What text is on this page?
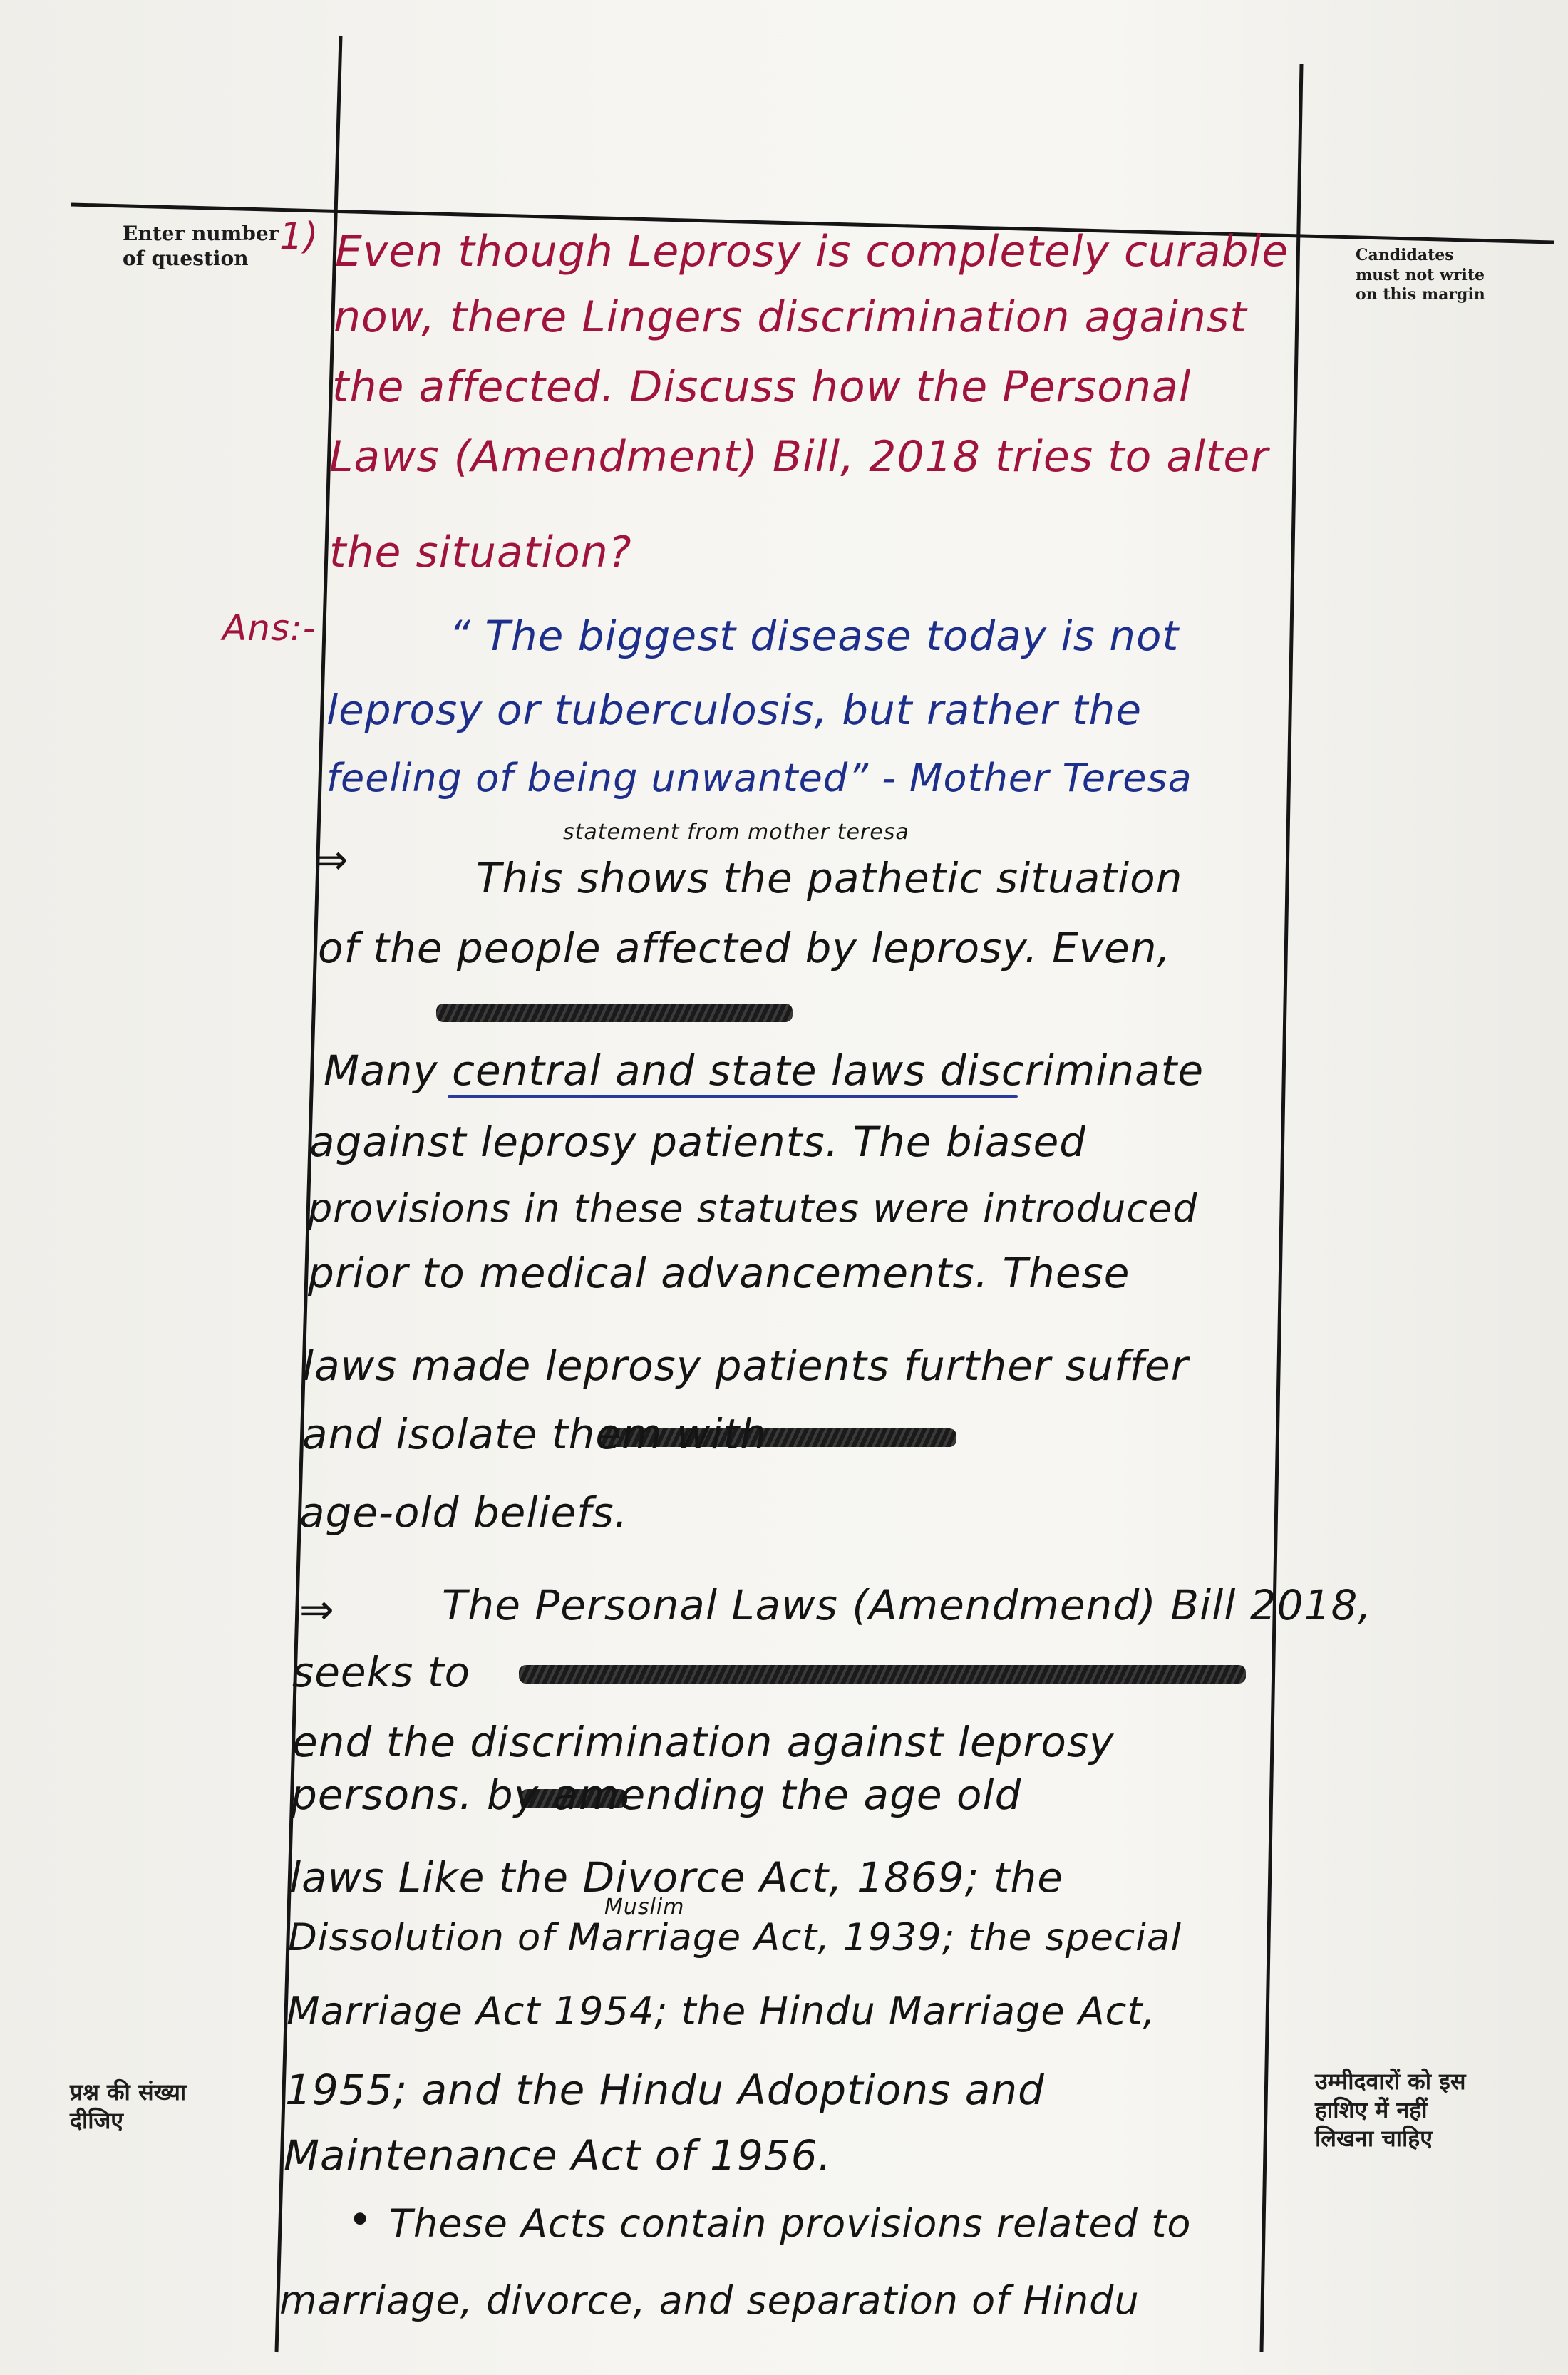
Enter number
of question	Candidates
must not write
on this margin
प्रश्न की संख्या
दीजिए
उम्मीदवारों को इस
हाशिए में नहीं
लिखना चाहिए
1) Even though Leprosy is completely curable
now, there Lingers discrimination against
the affected. Discuss how the Personal
Laws (Amendment) Bill, 2018 tries to alter
the situation?
Ans:-	“ The biggest disease today is not
leprosy or tuberculosis, but rather the
feeling of being unwanted” - Mother Teresa
statement from mother teresa
⇒	This shows the pathetic situation
of the people affected by leprosy. Even,
Many central and state laws discriminate
against leprosy patients. The biased
provisions in these statutes were introduced
prior to medical advancements. These
laws made leprosy patients further suffer
and isolate them with
age-old beliefs.
⇒	The Personal Laws (Amendmend) Bill 2018,
seeks to
end the discrimination against leprosy
persons. by amending the age old
laws Like the Divorce Act, 1869; the
Muslim
Dissolution of Marriage Act, 1939; the special
Marriage Act 1954; the Hindu Marriage Act,
1955; and the Hindu Adoptions and
Maintenance Act of 1956.
• These Acts contain provisions related to
marriage, divorce, and separation of Hindu
